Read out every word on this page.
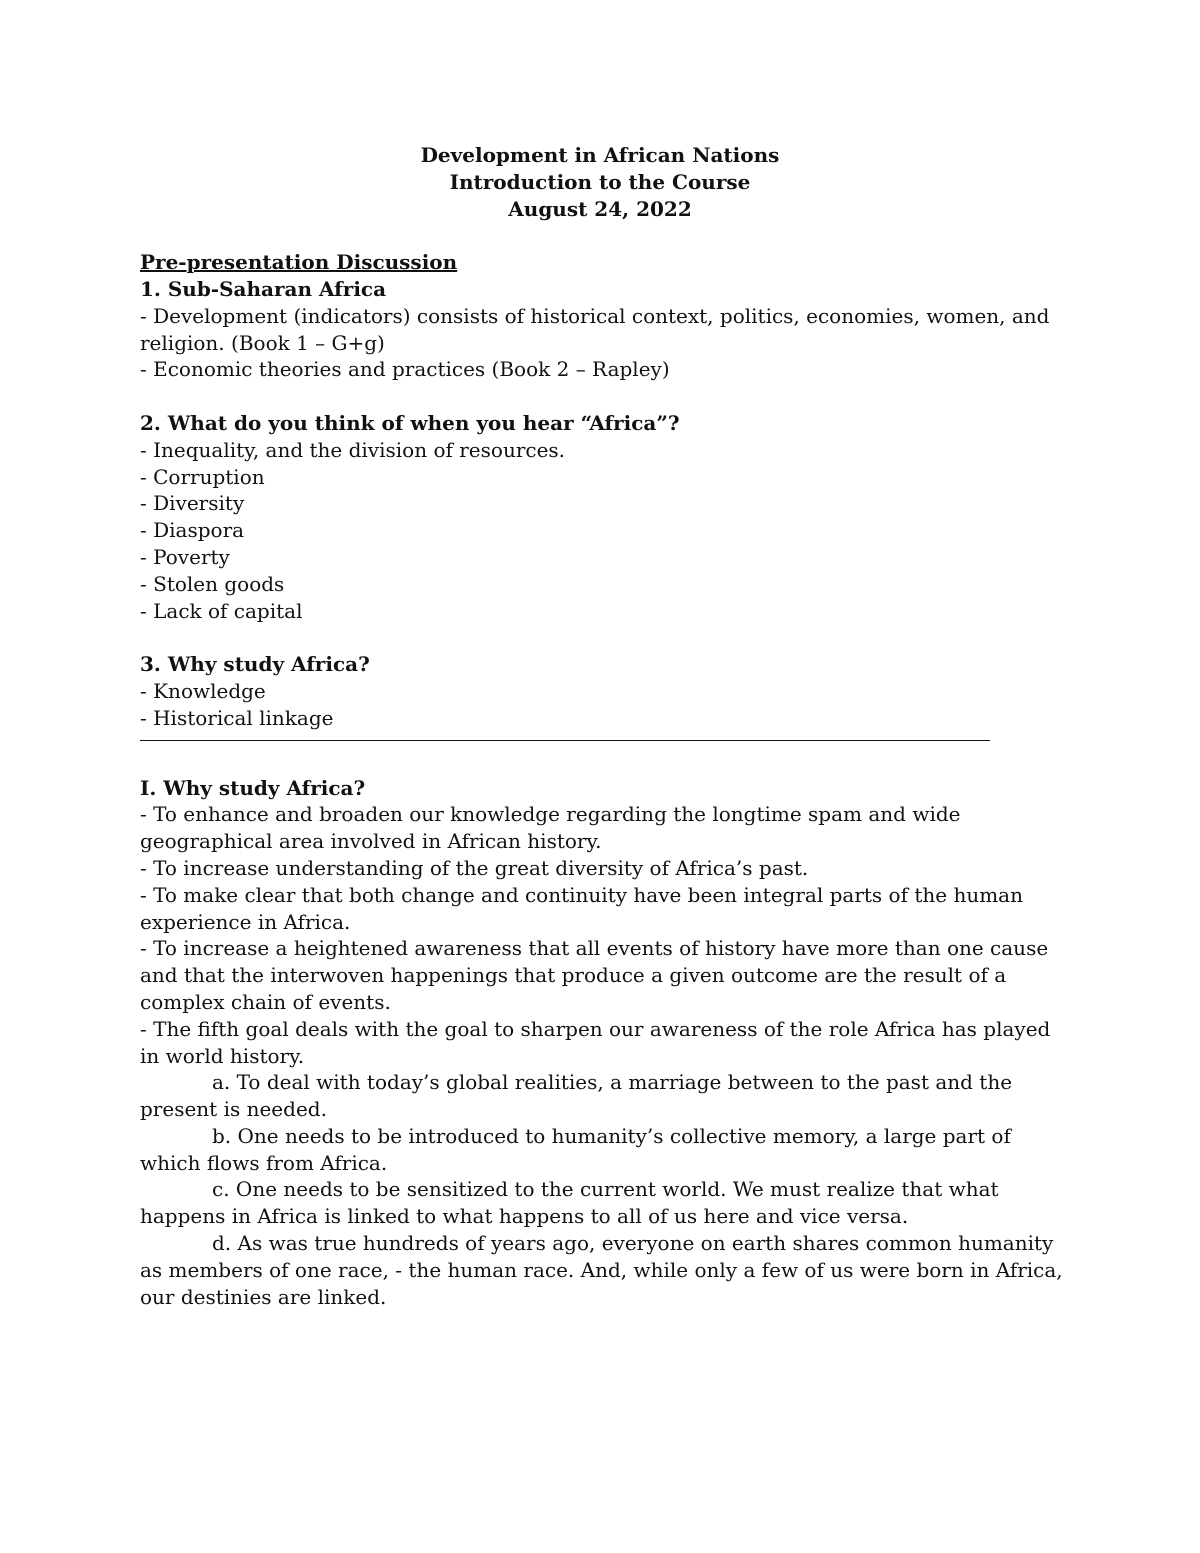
Development in African Nations
Introduction to the Course
August 24, 2022
Pre-presentation Discussion
1. Sub-Saharan Africa
- Development (indicators) consists of historical context, politics, economies, women, and religion. (Book 1 – G+g)
- Economic theories and practices (Book 2 – Rapley)
2. What do you think of when you hear “Africa”?
- Inequality, and the division of resources.
- Corruption
- Diversity
- Diaspora
- Poverty
- Stolen goods
- Lack of capital
3. Why study Africa?
- Knowledge
- Historical linkage
I. Why study Africa?
- To enhance and broaden our knowledge regarding the longtime spam and wide geographical area involved in African history.
- To increase understanding of the great diversity of Africa’s past.
- To make clear that both change and continuity have been integral parts of the human experience in Africa.
- To increase a heightened awareness that all events of history have more than one cause and that the interwoven happenings that produce a given outcome are the result of a complex chain of events.
- The fifth goal deals with the goal to sharpen our awareness of the role Africa has played in world history.
a. To deal with today’s global realities, a marriage between to the past and the present is needed.
b. One needs to be introduced to humanity’s collective memory, a large part of which flows from Africa.
c. One needs to be sensitized to the current world. We must realize that what happens in Africa is linked to what happens to all of us here and vice versa.
d. As was true hundreds of years ago, everyone on earth shares common humanity as members of one race, - the human race. And, while only a few of us were born in Africa, our destinies are linked.
